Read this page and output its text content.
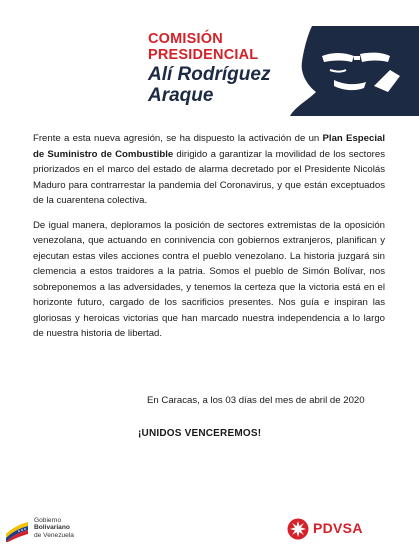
COMISIÓN
PRESIDENCIAL
Alí Rodríguez
Araque

Frente a esta nueva agresión, se ha dispuesto la activación de un Plan Especial de Suministro de Combustible dirigido a garantizar la movilidad de los sectores priorizados en el marco del estado de alarma decretado por el Presidente Nicolás Maduro para contrarrestar la pandemia del Coronavirus, y que están exceptuados de la cuarentena colectiva.

De igual manera, deploramos la posición de sectores extremistas de la oposición venezolana, que actuando en connivencia con gobiernos extranjeros, planifican y ejecutan estas viles acciones contra el pueblo venezolano. La historia juzgará sin clemencia a estos traidores a la patria. Somos el pueblo de Simón Bolívar, nos sobreponemos a las adversidades, y tenemos la certeza que la victoria está en el horizonte futuro, cargado de los sacrificios presentes. Nos guía e inspiran las gloriosas y heroicas victorias que han marcado nuestra independencia a lo largo de nuestra historia de libertad.

En Caracas, a los 03 días del mes de abril de 2020
¡UNIDOS VENCEREMOS!
Gobierno
Bolivariano
de Venezuela	PDVSA
